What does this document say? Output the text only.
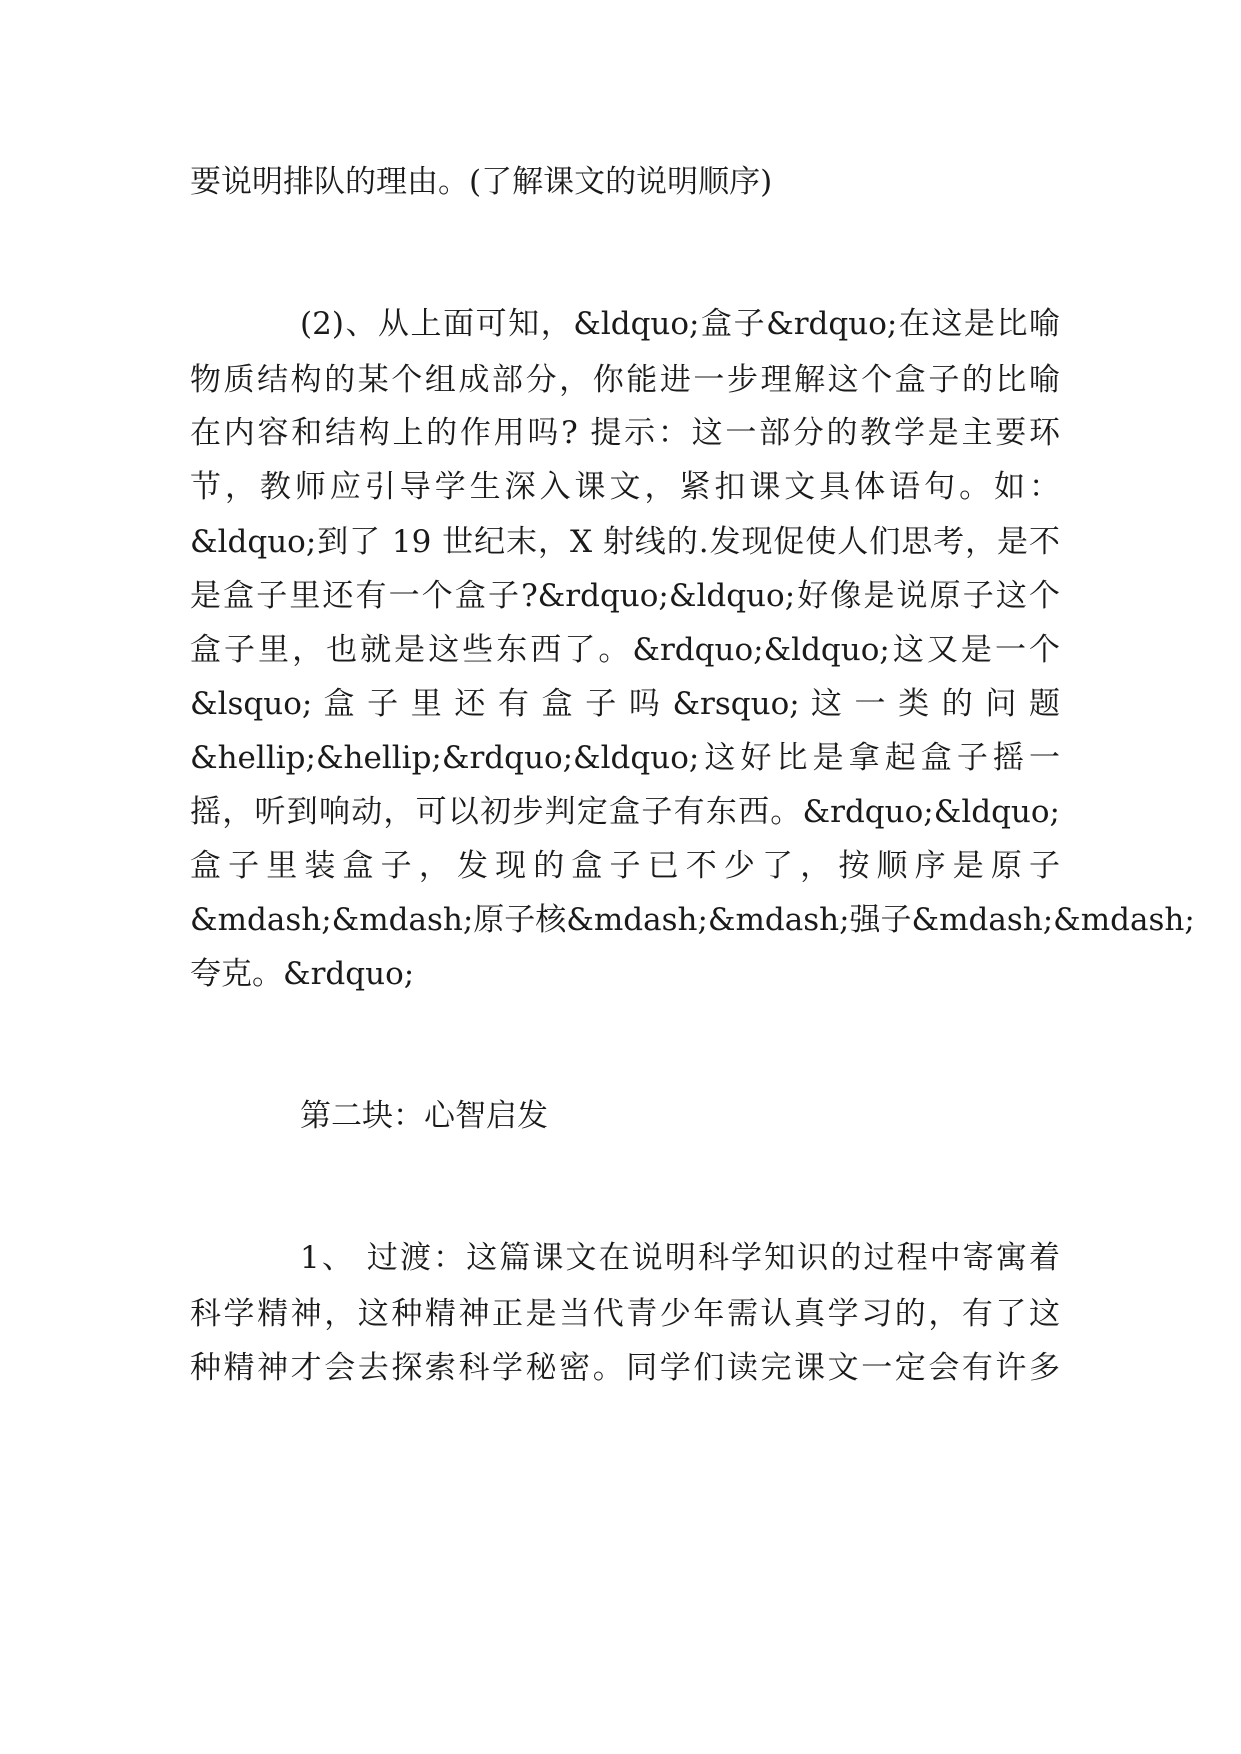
要说明排队的理由。(了解课文的说明顺序)
(2)、从上面可知，&ldquo;盒子&rdquo;在这是比喻
物质结构的某个组成部分，你能进一步理解这个盒子的比喻
在内容和结构上的作用吗? 提示：这一部分的教学是主要环
节，教师应引导学生深入课文，紧扣课文具体语句。如：
&ldquo;到了 19 世纪末，X 射线的.发现促使人们思考，是不
是盒子里还有一个盒子?&rdquo;&ldquo;好像是说原子这个
盒子里，也就是这些东西了。&rdquo;&ldquo;这又是一个
&lsquo; 盒 子 里 还 有 盒 子 吗 &rsquo; 这 一 类 的 问 题
&hellip;&hellip;&rdquo;&ldquo;这好比是拿起盒子摇一
摇，听到响动，可以初步判定盒子有东西。&rdquo;&ldquo;
盒子里装盒子，发现的盒子已不少了，按顺序是原子
&mdash;&mdash;原子核&mdash;&mdash;强子&mdash;&mdash;
夸克。&rdquo;
第二块：心智启发
1、 过渡：这篇课文在说明科学知识的过程中寄寓着
科学精神，这种精神正是当代青少年需认真学习的，有了这
种精神才会去探索科学秘密。同学们读完课文一定会有许多
